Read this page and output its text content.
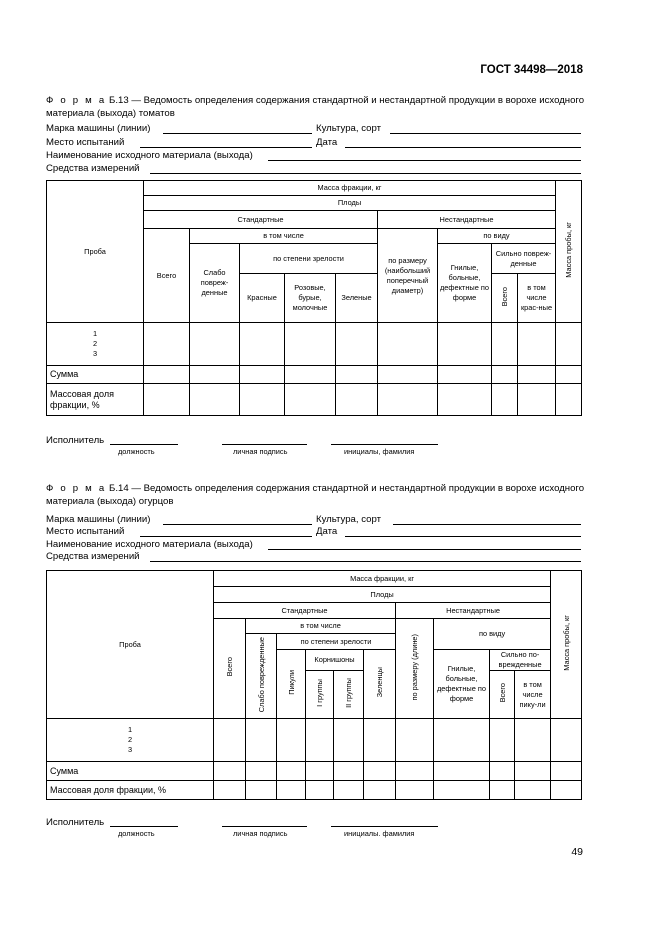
ГОСТ 34498—2018
Ф о р м а Б.13 — Ведомость определения содержания стандартной и нестандартной продукции в ворохе исходного материала (выхода) томатов
Марка машины (линии)	Культура, сорт
Место испытаний	Дата
Наименование исходного материала (выхода)
Средства измерений
Проба	Масса фракции, кг									Масса пробы, кг
	Плоды									
	Стандартные					Нестандартные				
	Всего	в том числе				по размеру (наибольший поперечный диаметр)	по виду			
		Слабо повреж-денные	по степени зрелости				Гнилые, больные, дефектные по форме	Сильно повреж-денные		
			Красные	Розовые, бурые, молочные	Зеленые			Всего	в том числе крас-ные	

1
2
3										

Сумма										
Массовая доля фракции, %										
Исполнитель
должность	личная подпись	инициалы, фамилия
Ф о р м а Б.14 — Ведомость определения содержания стандартной и нестандартной продукции в ворохе исходного материала (выхода) огурцов
Марка машины (линии)	Культура, сорт
Место испытаний	Дата
Наименование исходного материала (выхода)
Средства измерений
Проба	Масса фракции, кг										Масса пробы, кг
	Плоды										
	Стандартные						Нестандартные				
	Всего	в том числе					по размеру (длине)	по виду			
		Слабо поврежденные	по степени зрелости								
			Пикули	Корнишоны		Зеленцы		Гнилые, больные, дефектные по форме	Сильно по-врежденные		
				I группы	II группы				Всего	в том числе пику-ли	

1
2
3											

Сумма											
Массовая доля фракции, %											
Исполнитель
должность	личная подпись	инициалы. фамилия
49
